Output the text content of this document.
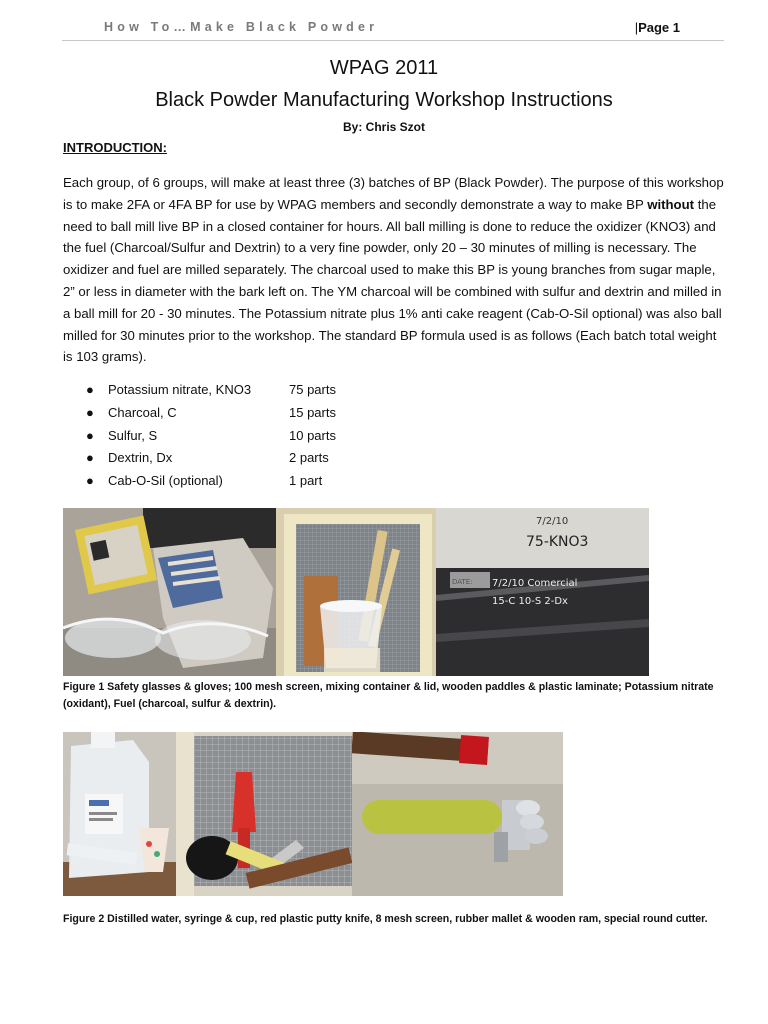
How To…Make Black Powder	|Page 1
WPAG 2011
Black Powder Manufacturing Workshop Instructions
By: Chris Szot
INTRODUCTION:
Each group, of 6 groups, will make at least three (3) batches of BP (Black Powder). The purpose of this workshop is to make 2FA or 4FA BP for use by WPAG members and secondly demonstrate a way to make BP without the need to ball mill live BP in a closed container for hours. All ball milling is done to reduce the oxidizer (KNO3) and the fuel (Charcoal/Sulfur and Dextrin) to a very fine powder, only 20 – 30 minutes of milling is necessary. The oxidizer and fuel are milled separately. The charcoal used to make this BP is young branches from sugar maple, 2” or less in diameter with the bark left on. The YM charcoal will be combined with sulfur and dextrin and milled in a ball mill for 20 - 30 minutes. The Potassium nitrate plus 1% anti cake reagent (Cab-O-Sil optional) was also ball milled for 30 minutes prior to the workshop. The standard BP formula used is as follows (Each batch total weight is 103 grams).
● Potassium nitrate, KNO3	75 parts
● Charcoal, C	15 parts
● Sulfur, S	10 parts
● Dextrin, Dx	2 parts
● Cab-O-Sil (optional)	1 part
7/2/10
75-KNO3
DATE: 7/2/10 Comercial
15-C 10-S 2-Dx
Figure 1 Safety glasses & gloves; 100 mesh screen, mixing container & lid, wooden paddles & plastic laminate; Potassium nitrate (oxidant), Fuel (charcoal, sulfur & dextrin).
Figure 2 Distilled water, syringe & cup, red plastic putty knife, 8 mesh screen, rubber mallet & wooden ram, special round cutter.
